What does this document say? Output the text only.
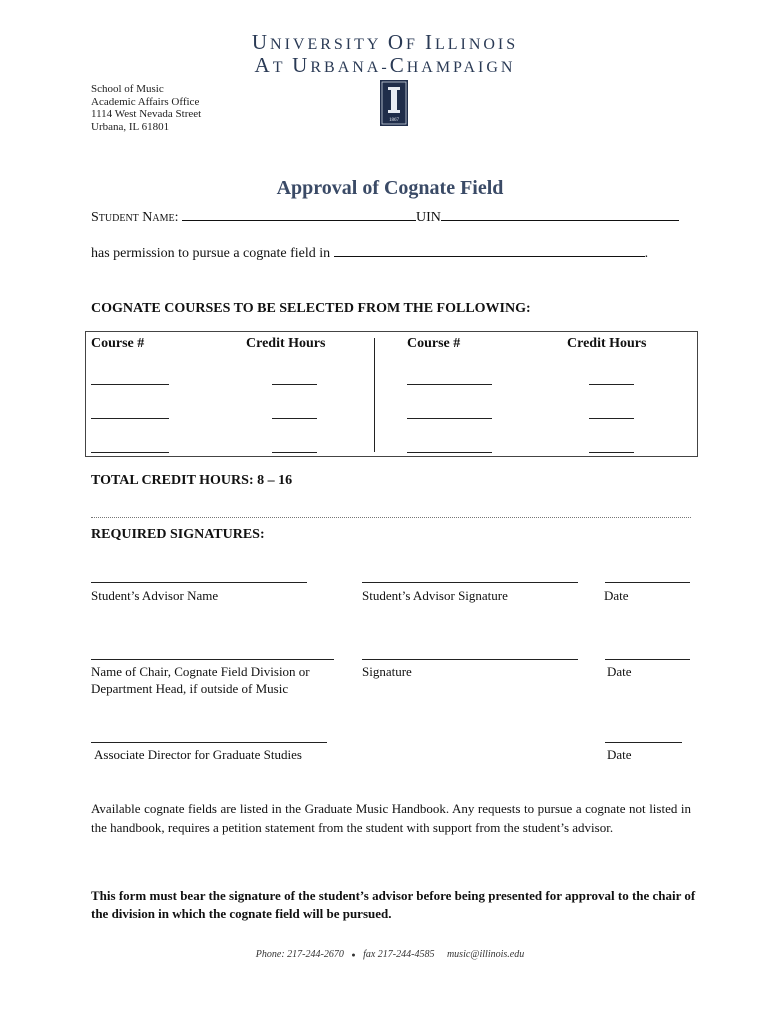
UNIVERSITY OF ILLINOIS
AT URBANA-CHAMPAIGN
School of Music
Academic Affairs Office
1114 West Nevada Street
Urbana, IL 61801	1867
Approval of Cognate Field
Student Name:	UIN
has permission to pursue a cognate field in	.
COGNATE COURSES TO BE SELECTED FROM THE FOLLOWING:
Course #	Credit Hours	Course #	Credit Hours
TOTAL CREDIT HOURS: 8 – 16
REQUIRED SIGNATURES:
Student’s Advisor Name	Student’s Advisor Signature	Date
Name of Chair, Cognate Field Division or
Department Head, if outside of Music
Signature	Date
Associate Director for Graduate Studies	Date
Available cognate fields are listed in the Graduate Music Handbook. Any requests to pursue a cognate not listed in the handbook, requires a petition statement from the student with support from the student’s advisor.
This form must bear the signature of the student’s advisor before being presented for approval to the chair of the division in which the cognate field will be pursued.
Phone: 217-244-2670 ● fax 217-244-4585 music@illinois.edu
